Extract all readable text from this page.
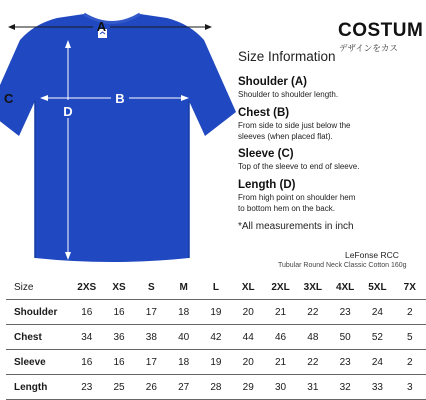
A
C
D
B
COSTUM
デザインをカス
Size Information
Shoulder (A)
Shoulder to shoulder length.
Chest (B)
From side to side just below the sleeves (when placed flat).
Sleeve (C)
Top of the sleeve to end of sleeve.
Length (D)
From high point on shoulder hem to bottom hem on the back.
*All measurements in inch
LeFonse RCC
Tubular Round Neck Classic Cotton 160g
Size	2XS	XS	S	M	L	XL	2XL	3XL	4XL	5XL	7X
Shoulder	16	16	17	18	19	20	21	22	23	24	2
Chest	34	36	38	40	42	44	46	48	50	52	5
Sleeve	16	16	17	18	19	20	21	22	23	24	2
Length	23	25	26	27	28	29	30	31	32	33	3
